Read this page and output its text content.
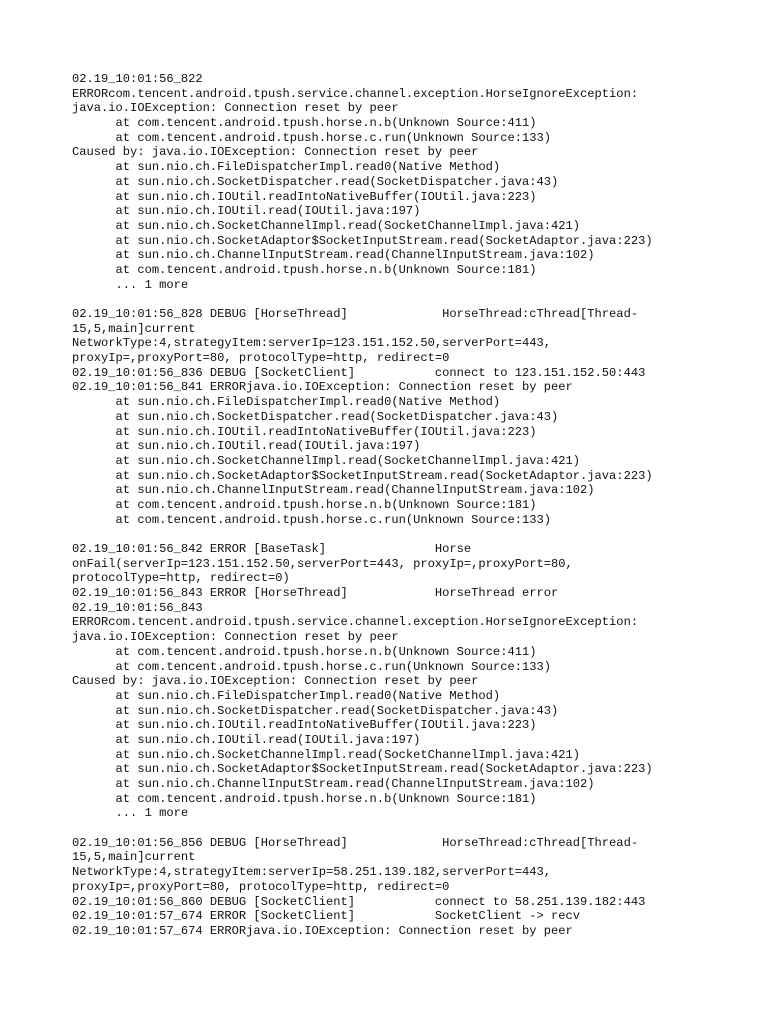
02.19_10:01:56_822
ERRORcom.tencent.android.tpush.service.channel.exception.HorseIgnoreException:
java.io.IOException: Connection reset by peer
at com.tencent.android.tpush.horse.n.b(Unknown Source:411)
at com.tencent.android.tpush.horse.c.run(Unknown Source:133)
Caused by: java.io.IOException: Connection reset by peer
at sun.nio.ch.FileDispatcherImpl.read0(Native Method)
at sun.nio.ch.SocketDispatcher.read(SocketDispatcher.java:43)
at sun.nio.ch.IOUtil.readIntoNativeBuffer(IOUtil.java:223)
at sun.nio.ch.IOUtil.read(IOUtil.java:197)
at sun.nio.ch.SocketChannelImpl.read(SocketChannelImpl.java:421)
at sun.nio.ch.SocketAdaptor$SocketInputStream.read(SocketAdaptor.java:223)
at sun.nio.ch.ChannelInputStream.read(ChannelInputStream.java:102)
at com.tencent.android.tpush.horse.n.b(Unknown Source:181)
... 1 more
02.19_10:01:56_828 DEBUG [HorseThread]             HorseThread:cThread[Thread-
15,5,main]current
NetworkType:4,strategyItem:serverIp=123.151.152.50,serverPort=443,
proxyIp=,proxyPort=80, protocolType=http, redirect=0
02.19_10:01:56_836 DEBUG [SocketClient]           connect to 123.151.152.50:443
02.19_10:01:56_841 ERRORjava.io.IOException: Connection reset by peer
at sun.nio.ch.FileDispatcherImpl.read0(Native Method)
at sun.nio.ch.SocketDispatcher.read(SocketDispatcher.java:43)
at sun.nio.ch.IOUtil.readIntoNativeBuffer(IOUtil.java:223)
at sun.nio.ch.IOUtil.read(IOUtil.java:197)
at sun.nio.ch.SocketChannelImpl.read(SocketChannelImpl.java:421)
at sun.nio.ch.SocketAdaptor$SocketInputStream.read(SocketAdaptor.java:223)
at sun.nio.ch.ChannelInputStream.read(ChannelInputStream.java:102)
at com.tencent.android.tpush.horse.n.b(Unknown Source:181)
at com.tencent.android.tpush.horse.c.run(Unknown Source:133)
02.19_10:01:56_842 ERROR [BaseTask]               Horse
onFail(serverIp=123.151.152.50,serverPort=443, proxyIp=,proxyPort=80,
protocolType=http, redirect=0)
02.19_10:01:56_843 ERROR [HorseThread]            HorseThread error
02.19_10:01:56_843
ERRORcom.tencent.android.tpush.service.channel.exception.HorseIgnoreException:
java.io.IOException: Connection reset by peer
at com.tencent.android.tpush.horse.n.b(Unknown Source:411)
at com.tencent.android.tpush.horse.c.run(Unknown Source:133)
Caused by: java.io.IOException: Connection reset by peer
at sun.nio.ch.FileDispatcherImpl.read0(Native Method)
at sun.nio.ch.SocketDispatcher.read(SocketDispatcher.java:43)
at sun.nio.ch.IOUtil.readIntoNativeBuffer(IOUtil.java:223)
at sun.nio.ch.IOUtil.read(IOUtil.java:197)
at sun.nio.ch.SocketChannelImpl.read(SocketChannelImpl.java:421)
at sun.nio.ch.SocketAdaptor$SocketInputStream.read(SocketAdaptor.java:223)
at sun.nio.ch.ChannelInputStream.read(ChannelInputStream.java:102)
at com.tencent.android.tpush.horse.n.b(Unknown Source:181)
... 1 more
02.19_10:01:56_856 DEBUG [HorseThread]             HorseThread:cThread[Thread-
15,5,main]current
NetworkType:4,strategyItem:serverIp=58.251.139.182,serverPort=443,
proxyIp=,proxyPort=80, protocolType=http, redirect=0
02.19_10:01:56_860 DEBUG [SocketClient]           connect to 58.251.139.182:443
02.19_10:01:57_674 ERROR [SocketClient]           SocketClient -> recv
02.19_10:01:57_674 ERRORjava.io.IOException: Connection reset by peer
